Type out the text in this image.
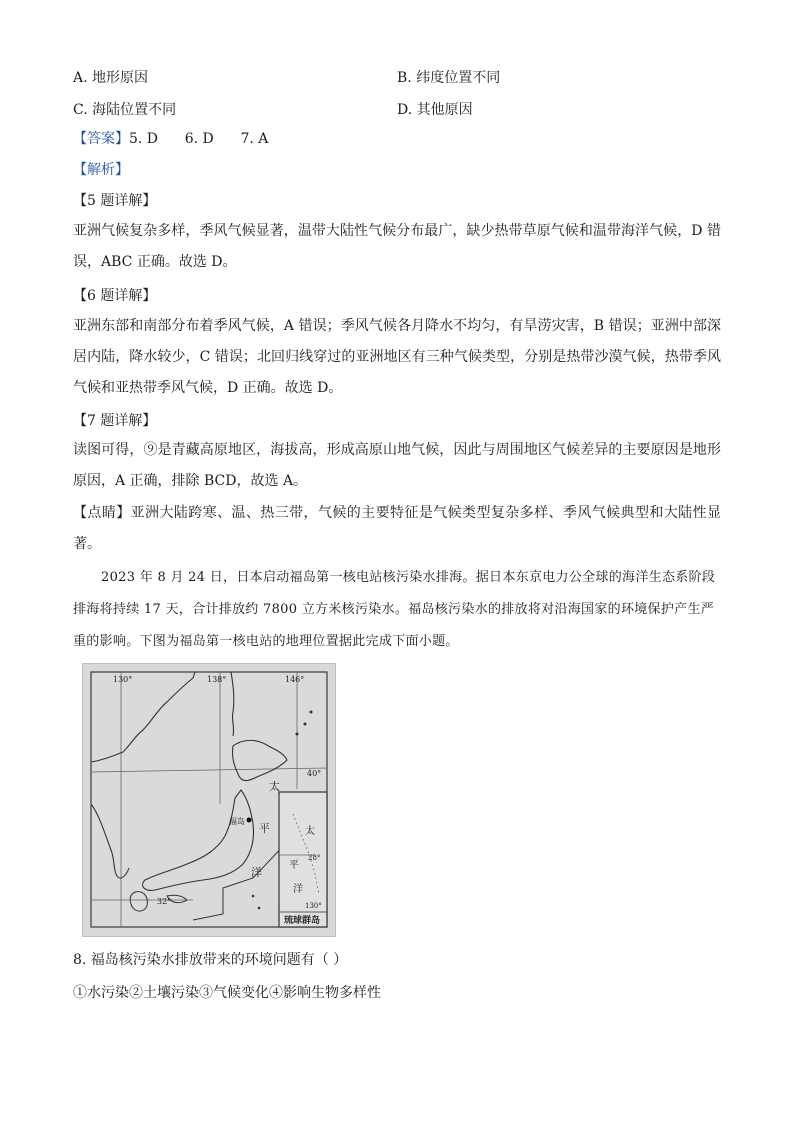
A. 地形原因	B. 纬度位置不同
C. 海陆位置不同	D. 其他原因
【答案】5. D      6. D      7. A
【解析】
【5 题详解】
亚洲气候复杂多样，季风气候显著，温带大陆性气候分布最广，缺少热带草原气候和温带海洋气候，D 错误，ABC 正确。故选 D。
【6 题详解】
亚洲东部和南部分布着季风气候，A 错误；季风气候各月降水不均匀，有旱涝灾害，B 错误；亚洲中部深居内陆，降水较少，C 错误；北回归线穿过的亚洲地区有三种气候类型，分别是热带沙漠气候，热带季风气候和亚热带季风气候，D 正确。故选 D。
【7 题详解】
读图可得，⑨是青藏高原地区，海拔高，形成高原山地气候，因此与周围地区气候差异的主要原因是地形原因，A 正确，排除 BCD，故选 A。
【点睛】亚洲大陆跨寒、温、热三带，气候的主要特征是气候类型复杂多样、季风气候典型和大陆性显著。
2023 年 8 月 24 日，日本启动福岛第一核电站核污染水排海。据日本东京电力公全球的海洋生态系阶段排海将持续 17 天，合计排放约 7800 立方米核污染水。福岛核污染水的排放将对沿海国家的环境保护产生严重的影响。下图为福岛第一核电站的地理位置据此完成下面小题。
130°	138°	146°
40°
32°
28°
130°
福岛
太
平
洋
太
平
洋
琉球群岛
8. 福岛核污染水排放带来的环境问题有（ ）
①水污染②土壤污染③气候变化④影响生物多样性
